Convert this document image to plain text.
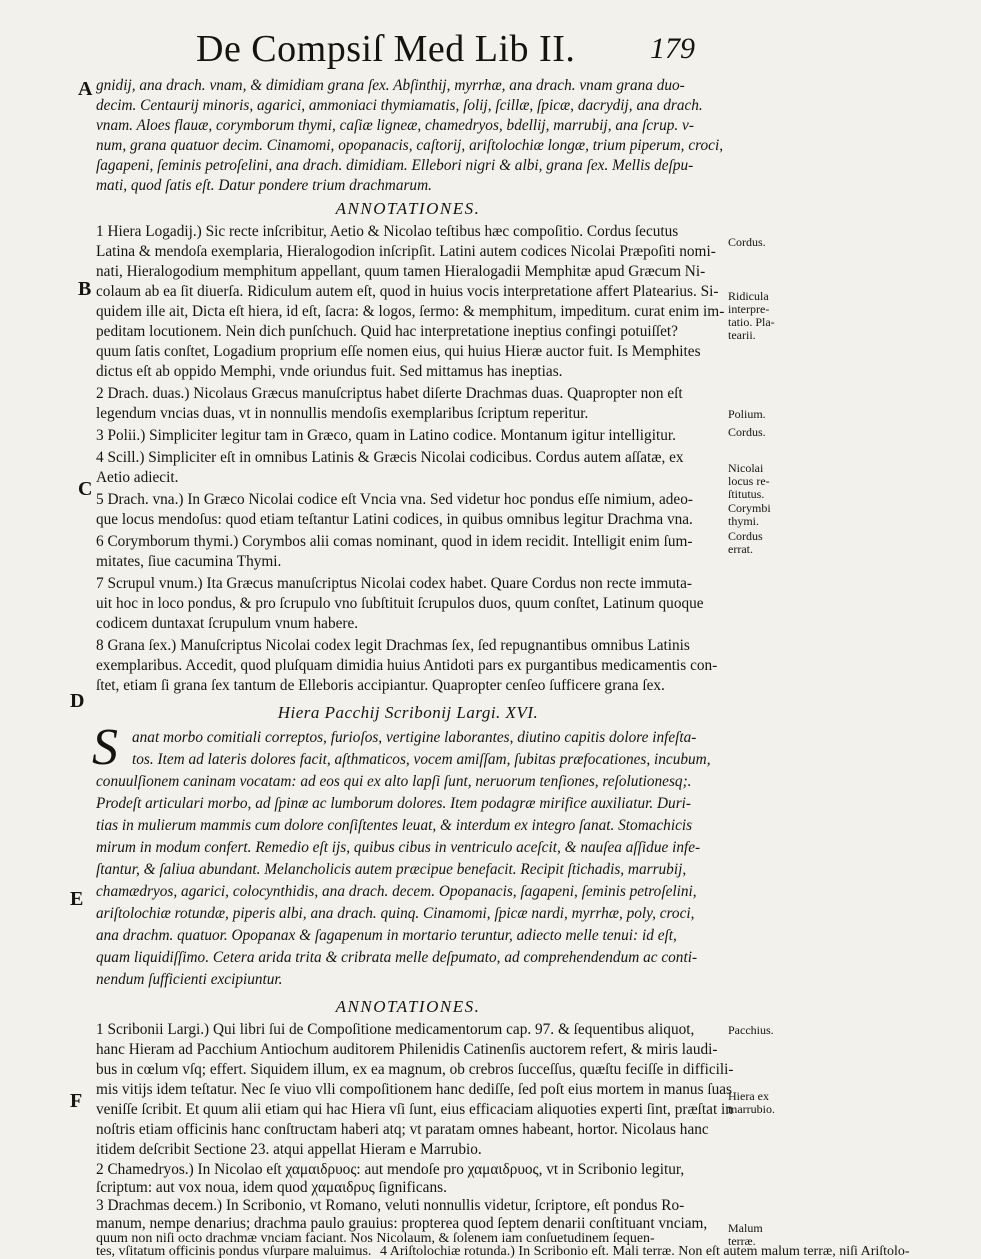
De Compsiſ Med Lib II. 179
A gnidij, ana drach. vnam, & dimidiam grana ſex. Abſinthij, myrrhæ, ana drach. vnam grana duo-
decim. Centaurij minoris, agarici, ammoniaci thymiamatis, ſolij, ſcillæ, ſpicæ, dacrydij, ana drach.
vnam. Aloes flauæ, corymborum thymi, caſiæ ligneæ, chamedryos, bdellij, marrubij, ana ſcrup. v-
num, grana quatuor decim. Cinamomi, opopanacis, caſtorij, ariſtolochiæ longæ, trium piperum, croci,
ſagapeni, ſeminis petroſelini, ana drach. dimidiam. Ellebori nigri & albi, grana ſex. Mellis deſpu-
mati, quod ſatis eſt. Datur pondere trium drachmarum.
ANNOTATIONES.
1 Hiera Logadij.) Sic recte inſcribitur, Aetio & Nicolao teſtibus hæc compoſitio. Cordus ſecutus
Latina & mendoſa exemplaria, Hieralogodion inſcripſit. Latini autem codices Nicolai Præpoſiti nomi-
nati, Hieralogodium memphitum appellant, quum tamen Hieralogadii Memphitæ apud Græcum Ni-
colaum ab ea ſit diuerſa. Ridiculum autem eſt, quod in huius vocis interpretatione affert Platearius. Si-
quidem ille ait, Dicta eſt hiera, id eſt, ſacra: & logos, ſermo: & memphitum, impeditum. curat enim im-
peditam locutionem. Nein dich punſchuch. Quid hac interpretatione ineptius confingi potuiſſet?
quum ſatis conſtet, Logadium proprium eſſe nomen eius, qui huius Hieræ auctor fuit. Is Memphites
dictus eſt ab oppido Memphi, vnde oriundus fuit. Sed mittamus has ineptias.
2 Drach. duas.) Nicolaus Græcus manuſcriptus habet diſerte Drachmas duas. Quapropter non eſt
legendum vncias duas, vt in nonnullis mendoſis exemplaribus ſcriptum reperitur.
3 Polii.) Simpliciter legitur tam in Græco, quam in Latino codice. Montanum igitur intelligitur.
4 Scill.) Simpliciter eſt in omnibus Latinis & Græcis Nicolai codicibus. Cordus autem aſſatæ, ex
Aetio adiecit.
5 Drach. vna.) In Græco Nicolai codice eſt Vncia vna. Sed videtur hoc pondus eſſe nimium, adeo-
que locus mendoſus: quod etiam teſtantur Latini codices, in quibus omnibus legitur Drachma vna.
6 Corymborum thymi.) Corymbos alii comas nominant, quod in idem recidit. Intelligit enim ſum-
mitates, ſiue cacumina Thymi.
7 Scrupul vnum.) Ita Græcus manuſcriptus Nicolai codex habet. Quare Cordus non recte immuta-
uit hoc in loco pondus, & pro ſcrupulo vno ſubſtituit ſcrupulos duos, quum conſtet, Latinum quoque
codicem duntaxat ſcrupulum vnum habere.
8 Grana ſex.) Manuſcriptus Nicolai codex legit Drachmas ſex, ſed repugnantibus omnibus Latinis
exemplaribus. Accedit, quod pluſquam dimidia huius Antidoti pars ex purgantibus medicamentis con-
ſtet, etiam ſi grana ſex tantum de Elleboris accipiantur. Quapropter cenſeo ſufficere grana ſex.
Hiera Pacchij Scribonij Largi. XVI.
S anat morbo comitiali correptos, furioſos, vertigine laborantes, diutino capitis dolore infeſta-
tos. Item ad lateris dolores facit, aſthmaticos, vocem amiſſam, ſubitas præfocationes, incubum,
conuulſionem caninam vocatam: ad eos qui ex alto lapſi ſunt, neruorum tenſiones, reſolutionesq;.
Prodeſt articulari morbo, ad ſpinæ ac lumborum dolores. Item podagræ mirifice auxiliatur. Duri-
tias in mulierum mammis cum dolore conſiſtentes leuat, & interdum ex integro ſanat. Stomachicis
mirum in modum confert. Remedio eſt ijs, quibus cibus in ventriculo aceſcit, & nauſea aſſidue infe-
ſtantur, & ſaliua abundant. Melancholicis autem præcipue benefacit. Recipit ſtichadis, marrubij,
chamædryos, agarici, colocynthidis, ana drach. decem. Opopanacis, ſagapeni, ſeminis petroſelini,
ariſtolochiæ rotundæ, piperis albi, ana drach. quinq. Cinamomi, ſpicæ nardi, myrrhæ, poly, croci,
ana drachm. quatuor. Opopanax & ſagapenum in mortario teruntur, adiecto melle tenui: id eſt,
quam liquidiſſimo. Cetera arida trita & cribrata melle deſpumato, ad comprehendendum ac conti-
nendum ſufficienti excipiuntur.
ANNOTATIONES.
1 Scribonii Largi.) Qui libri ſui de Compoſitione medicamentorum cap. 97. & ſequentibus aliquot,
hanc Hieram ad Pacchium Antiochum auditorem Philenidis Catinenſis auctorem refert, & miris laudi-
bus in cœlum vſq; effert. Siquidem illum, ex ea magnum, ob crebros ſucceſſus, quæſtu feciſſe in difficili-
mis vitijs idem teſtatur. Nec ſe viuo vlli compoſitionem hanc dediſſe, ſed poſt eius mortem in manus ſuas
veniſſe ſcribit. Et quum alii etiam qui hac Hiera vſi ſunt, eius efficaciam aliquoties experti ſint, præſtat in
noſtris etiam officinis hanc conſtructam haberi atq; vt paratam omnes habeant, hortor. Nicolaus hanc
itidem deſcribit Sectione 23. atqui appellat Hieram e Marrubio.
2 Chamedryos.) In Nicolao eſt χαμαιδρυος: aut mendoſe pro χαμαιδρυος, vt in Scribonio legitur,
ſcriptum: aut vox noua, idem quod χαμαιδρυς ſignificans.
3 Drachmas decem.) In Scribonio, vt Romano, veluti nonnullis videtur, ſcriptore, eſt pondus Ro-
manum, nempe denarius; drachma paulo grauius: propterea quod ſeptem denarii conſtituant vnciam,
quum non niſi octo drachmæ vnciam faciant. Nos Nicolaum, & ſolenem iam conſuetudinem ſequen-
tes, vſitatum officinis pondus vſurpare maluimus. 4 Ariſtolochiæ rotunda.) In Scribonio eſt. Mali terræ. Non eſt autem malum terræ, niſi Ariſtolo-
B
C
D
E
F
Cordus.
Ridicula
interpre-
tatio. Pla-
tearii.
Polium.
Cordus.
Nicolai
locus re-
ſtitutus.
Corymbi
thymi.
Cordus
errat.
Pacchius.
Hiera ex
marrubio.
Malum
terræ.
